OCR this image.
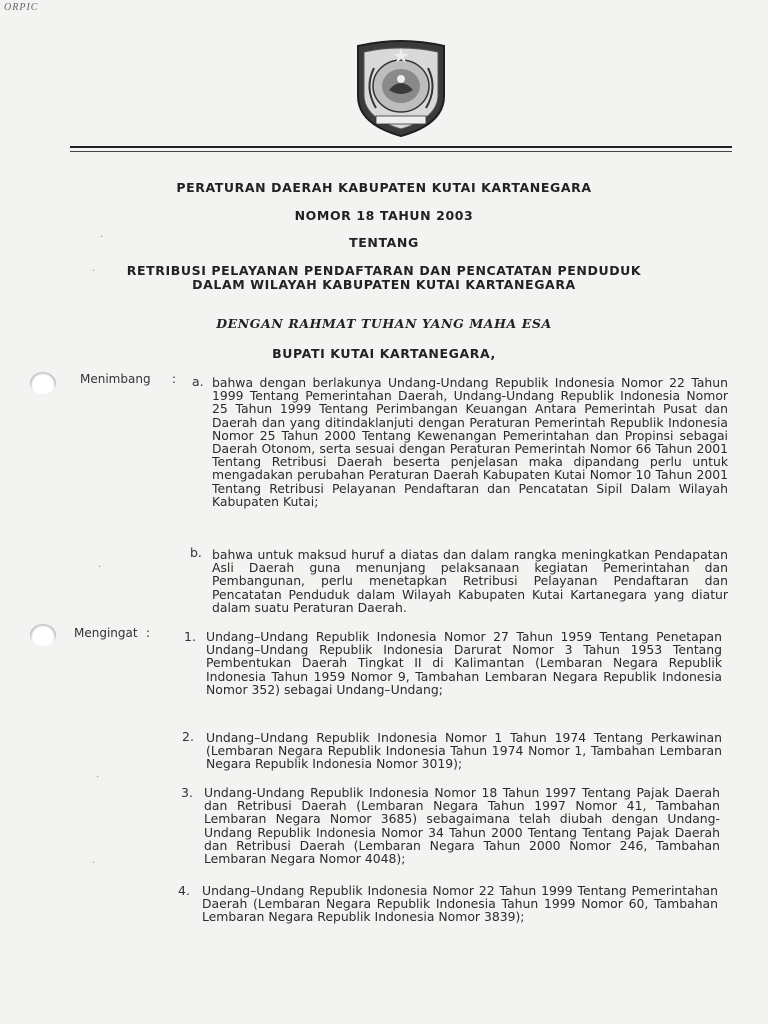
ORPIC
PERATURAN DAERAH KABUPATEN KUTAI KARTANEGARA
NOMOR 18 TAHUN 2003
TENTANG
RETRIBUSI PELAYANAN PENDAFTARAN DAN PENCATATAN PENDUDUK
DALAM WILAYAH KABUPATEN KUTAI KARTANEGARA
DENGAN RAHMAT TUHAN YANG MAHA ESA
BUPATI KUTAI KARTANEGARA,
Menimbang : a. bahwa dengan berlakunya Undang-Undang Republik Indonesia Nomor 22 Tahun 1999 Tentang Pemerintahan Daerah, Undang-Undang Republik Indonesia Nomor 25 Tahun 1999 Tentang Perimbangan Keuangan Antara Pemerintah Pusat dan Daerah dan yang ditindaklanjuti dengan Peraturan Pemerintah Republik Indonesia Nomor 25 Tahun 2000 Tentang Kewenangan Pemerintahan dan Propinsi sebagai Daerah Otonom, serta sesuai dengan Peraturan Pemerintah Nomor 66 Tahun 2001 Tentang Retribusi Daerah beserta penjelasan maka dipandang perlu untuk mengadakan perubahan Peraturan Daerah Kabupaten Kutai Nomor 10 Tahun 2001 Tentang Retribusi Pelayanan Pendaftaran dan Pencatatan Sipil Dalam Wilayah Kabupaten Kutai;

b. bahwa untuk maksud huruf a diatas dan dalam rangka meningkatkan Pendapatan Asli Daerah guna menunjang pelaksanaan kegiatan Pemerintahan dan Pembangunan, perlu menetapkan Retribusi Pelayanan Pendaftaran dan Pencatatan Penduduk dalam Wilayah Kabupaten Kutai Kartanegara yang diatur dalam suatu Peraturan Daerah.

Mengingat :	1. Undang–Undang Republik Indonesia Nomor 27 Tahun 1959 Tentang Penetapan Undang–Undang Republik Indonesia Darurat Nomor 3 Tahun 1953 Tentang Pembentukan Daerah Tingkat II di Kalimantan (Lembaran Negara Republik Indonesia Tahun 1959 Nomor 9, Tambahan Lembaran Negara Republik Indonesia Nomor 352) sebagai Undang–Undang;

2. Undang–Undang Republik Indonesia Nomor 1 Tahun 1974 Tentang Perkawinan (Lembaran Negara Republik Indonesia Tahun 1974 Nomor 1, Tambahan Lembaran Negara Republik Indonesia Nomor 3019);

3. Undang-Undang Republik Indonesia Nomor 18 Tahun 1997 Tentang Pajak Daerah dan Retribusi Daerah (Lembaran Negara Tahun 1997 Nomor 41, Tambahan Lembaran Negara Nomor 3685) sebagaimana telah diubah dengan Undang-Undang Republik Indonesia Nomor 34 Tahun 2000 Tentang Tentang Pajak Daerah dan Retribusi Daerah (Lembaran Negara Tahun 2000 Nomor 246, Tambahan Lembaran Negara Nomor 4048);

4. Undang–Undang Republik Indonesia Nomor 22 Tahun 1999 Tentang Pemerintahan Daerah (Lembaran Negara Republik Indonesia Tahun 1999 Nomor 60, Tambahan Lembaran Negara Republik Indonesia Nomor 3839);

·
·
·
·
·
